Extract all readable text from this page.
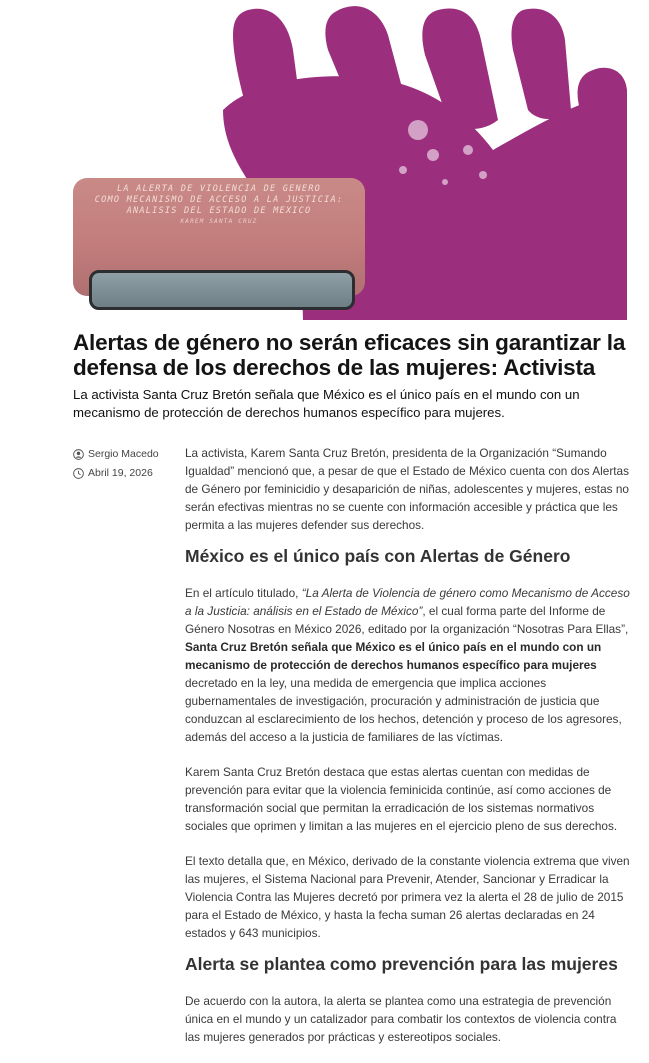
LA ALERTA DE VIOLENCIA DE GENERO
COMO MECANISMO DE ACCESO A LA JUSTICIA:
ANALISIS DEL ESTADO DE MEXICO
KAREM SANTA CRUZ
Alertas de género no serán eficaces sin garantizar la defensa de los derechos de las mujeres: Activista

La activista Santa Cruz Bretón señala que México es el único país en el mundo con un mecanismo de protección de derechos humanos específico para mujeres.

Sergio Macedo
Abril 19, 2026

La activista, Karem Santa Cruz Bretón, presidenta de la Organización “Sumando Igualdad” mencionó que, a pesar de que el Estado de México cuenta con dos Alertas de Género por feminicidio y desaparición de niñas, adolescentes y mujeres, estas no serán efectivas mientras no se cuente con información accesible y práctica que les permita a las mujeres defender sus derechos.

México es el único país con Alertas de Género

En el artículo titulado, “La Alerta de Violencia de género como Mecanismo de Acceso a la Justicia: análisis en el Estado de México”, el cual forma parte del Informe de Género Nosotras en México 2026, editado por la organización “Nosotras Para Ellas”, Santa Cruz Bretón señala que México es el único país en el mundo con un mecanismo de protección de derechos humanos específico para mujeres decretado en la ley, una medida de emergencia que implica acciones gubernamentales de investigación, procuración y administración de justicia que conduzcan al esclarecimiento de los hechos, detención y proceso de los agresores, además del acceso a la justicia de familiares de las víctimas.

Karem Santa Cruz Bretón destaca que estas alertas cuentan con medidas de prevención para evitar que la violencia feminicida continúe, así como acciones de transformación social que permitan la erradicación de los sistemas normativos sociales que oprimen y limitan a las mujeres en el ejercicio pleno de sus derechos.

El texto detalla que, en México, derivado de la constante violencia extrema que viven las mujeres, el Sistema Nacional para Prevenir, Atender, Sancionar y Erradicar la Violencia Contra las Mujeres decretó por primera vez la alerta el 28 de julio de 2015 para el Estado de México, y hasta la fecha suman 26 alertas declaradas en 24 estados y 643 municipios.

Alerta se plantea como prevención para las mujeres

De acuerdo con la autora, la alerta se plantea como una estrategia de prevención única en el mundo y un catalizador para combatir los contextos de violencia contra las mujeres generados por prácticas y estereotipos sociales.
